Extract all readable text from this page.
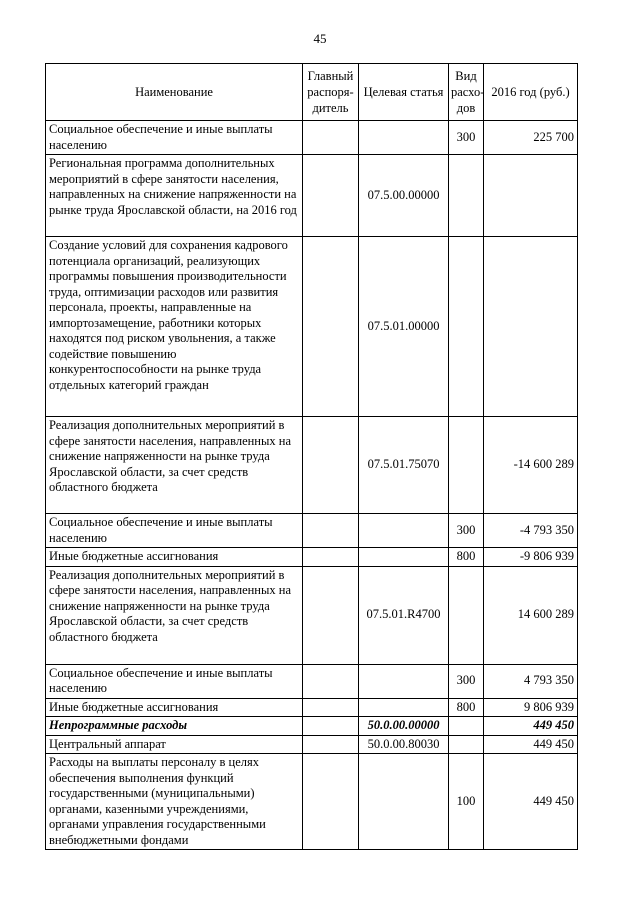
45
Наименование	Главный распоря-дитель	Целевая статья	Вид расхо-дов	2016 год (руб.)
Социальное обеспечение и иные выплаты населению			300	225 700
Региональная программа дополнительных мероприятий в сфере занятости населения, направленных на снижение напряженности на рынке труда Ярославской области, на 2016 год		07.5.00.00000		
Создание условий для сохранения кадрового потенциала организаций, реализующих программы повышения производительности труда, оптимизации расходов или развития персонала, проекты, направленные на импортозамещение, работники которых находятся под риском увольнения, а также содействие повышению конкурентоспособности на рынке труда отдельных категорий граждан		07.5.01.00000		
Реализация дополнительных мероприятий в сфере занятости населения, направленных на снижение напряженности на рынке труда Ярославской области, за счет средств областного бюджета		07.5.01.75070		-14 600 289
Социальное обеспечение и иные выплаты населению			300	-4 793 350
Иные бюджетные ассигнования			800	-9 806 939
Реализация дополнительных мероприятий в сфере занятости населения, направленных на снижение напряженности на рынке труда Ярославской области, за счет средств областного бюджета		07.5.01.R4700		14 600 289
Социальное обеспечение и иные выплаты населению			300	4 793 350
Иные бюджетные ассигнования			800	9 806 939
Непрограммные расходы		50.0.00.00000		449 450
Центральный аппарат		50.0.00.80030		449 450
Расходы на выплаты персоналу в целях обеспечения выполнения функций государственными (муниципальными) органами, казенными учреждениями, органами управления государственными внебюджетными фондами			100	449 450
